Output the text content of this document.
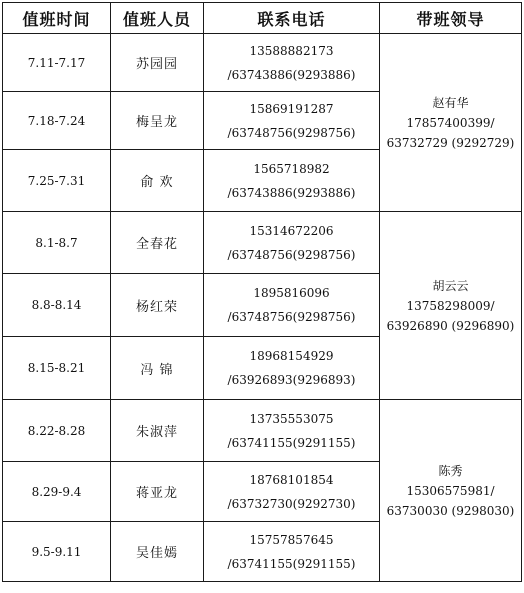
值班时间	值班人员	联系电话	带班领导
7.11-7.17	苏园园	13588882173
/63743886(9293886)	赵有华
17857400399/
63732729 (9292729)

7.18-7.24	梅呈龙	15869191287
/63748756(9298756)	

7.25-7.31	俞 欢	1565718982
/63743886(9293886)	

8.1-8.7	全春花	15314672206
/63748756(9298756)	胡云云
13758298009/
63926890 (9296890)

8.8-8.14	杨红荣	1895816096
/63748756(9298756)	

8.15-8.21	冯 锦	18968154929
/63926893(9296893)	

8.22-8.28	朱淑萍	13735553075
/63741155(9291155)	陈秀
15306575981/
63730030 (9298030)

8.29-9.4	蒋亚龙	18768101854
/63732730(9292730)	

9.5-9.11	吴佳嫣	15757857645
/63741155(9291155)	
